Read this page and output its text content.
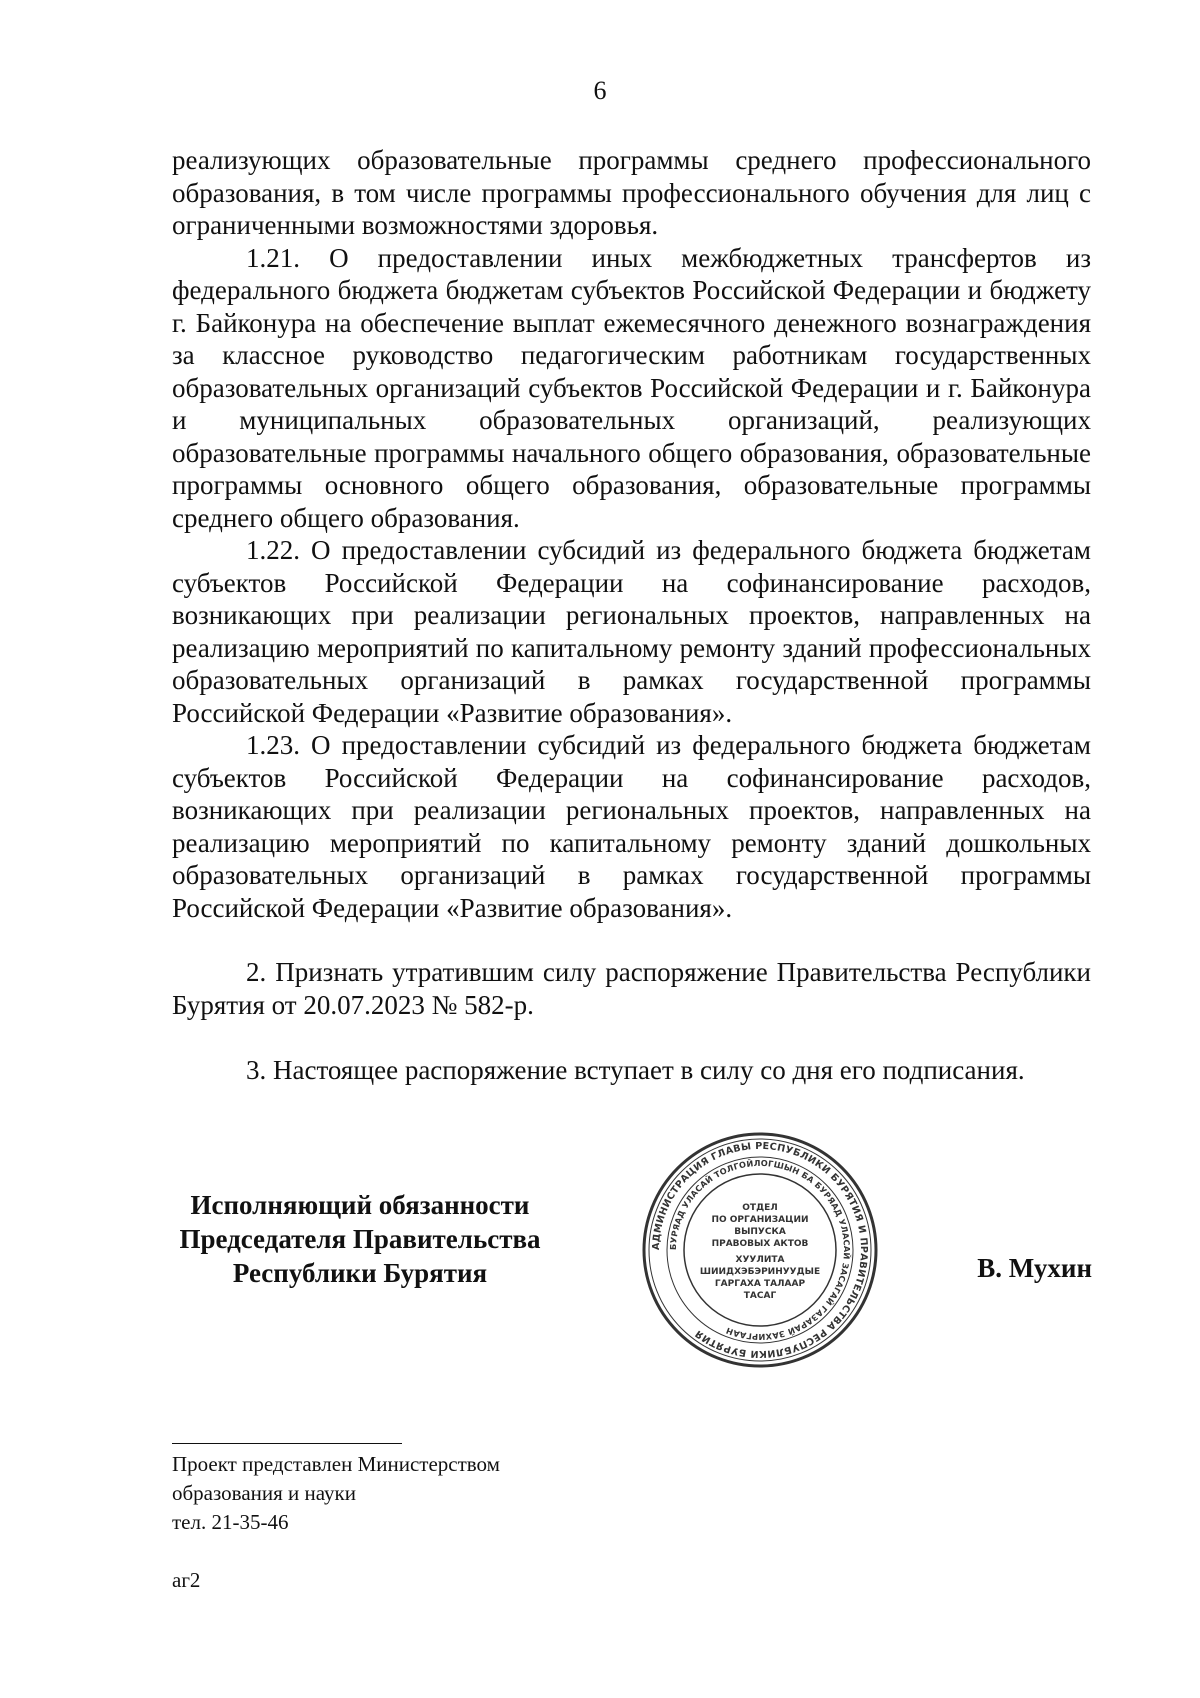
6

реализующих образовательные программы среднего профессионального образования, в том числе программы профессионального обучения для лиц с ограниченными возможностями здоровья.

1.21. О предоставлении иных межбюджетных трансфертов из федерального бюджета бюджетам субъектов Российской Федерации и бюджету г. Байконура на обеспечение выплат ежемесячного денежного вознаграждения за классное руководство педагогическим работникам государственных образовательных организаций субъектов Российской Федерации и г. Байконура и муниципальных образовательных организаций, реализующих образовательные программы начального общего образования, образовательные программы основного общего образования, образовательные программы среднего общего образования.

1.22. О предоставлении субсидий из федерального бюджета бюджетам субъектов Российской Федерации на софинансирование расходов, возникающих при реализации региональных проектов, направленных на реализацию мероприятий по капитальному ремонту зданий профессиональных образовательных организаций в рамках государственной программы Российской Федерации «Развитие образования».

1.23. О предоставлении субсидий из федерального бюджета бюджетам субъектов Российской Федерации на софинансирование расходов, возникающих при реализации региональных проектов, направленных на реализацию мероприятий по капитальному ремонту зданий дошкольных образовательных организаций в рамках государственной программы Российской Федерации «Развитие образования».

2. Признать утратившим силу распоряжение Правительства Республики Бурятия от 20.07.2023 № 582-р.

3. Настоящее распоряжение вступает в силу со дня его подписания.

Исполняющий обязанности
Председателя Правительства
Республики Бурятия
АДМИНИСТРАЦИЯ ГЛАВЫ РЕСПУБЛИКИ БУРЯТИЯ И ПРАВИТЕЛЬСТВА РЕСПУБЛИКИ БУРЯТИЯ
БУРЯАД УЛАСАЙ ТОЛГОЙЛОГШЫН БА БУРЯАД УЛАСАЙ ЗАСАГАЙ ГАЗАРАЙ ЗАХИРГААН
ОТДЕЛ
ПО ОРГАНИЗАЦИИ
ВЫПУСКА
ПРАВОВЫХ АКТОВ
ХУУЛИТА
ШИИДХЭБЭРИНУУДЫЕ
ГАРГАХА ТАЛААР
ТАСАГ
В. Мухин
Проект представлен Министерством
образования и науки
тел. 21-35-46
аг2
